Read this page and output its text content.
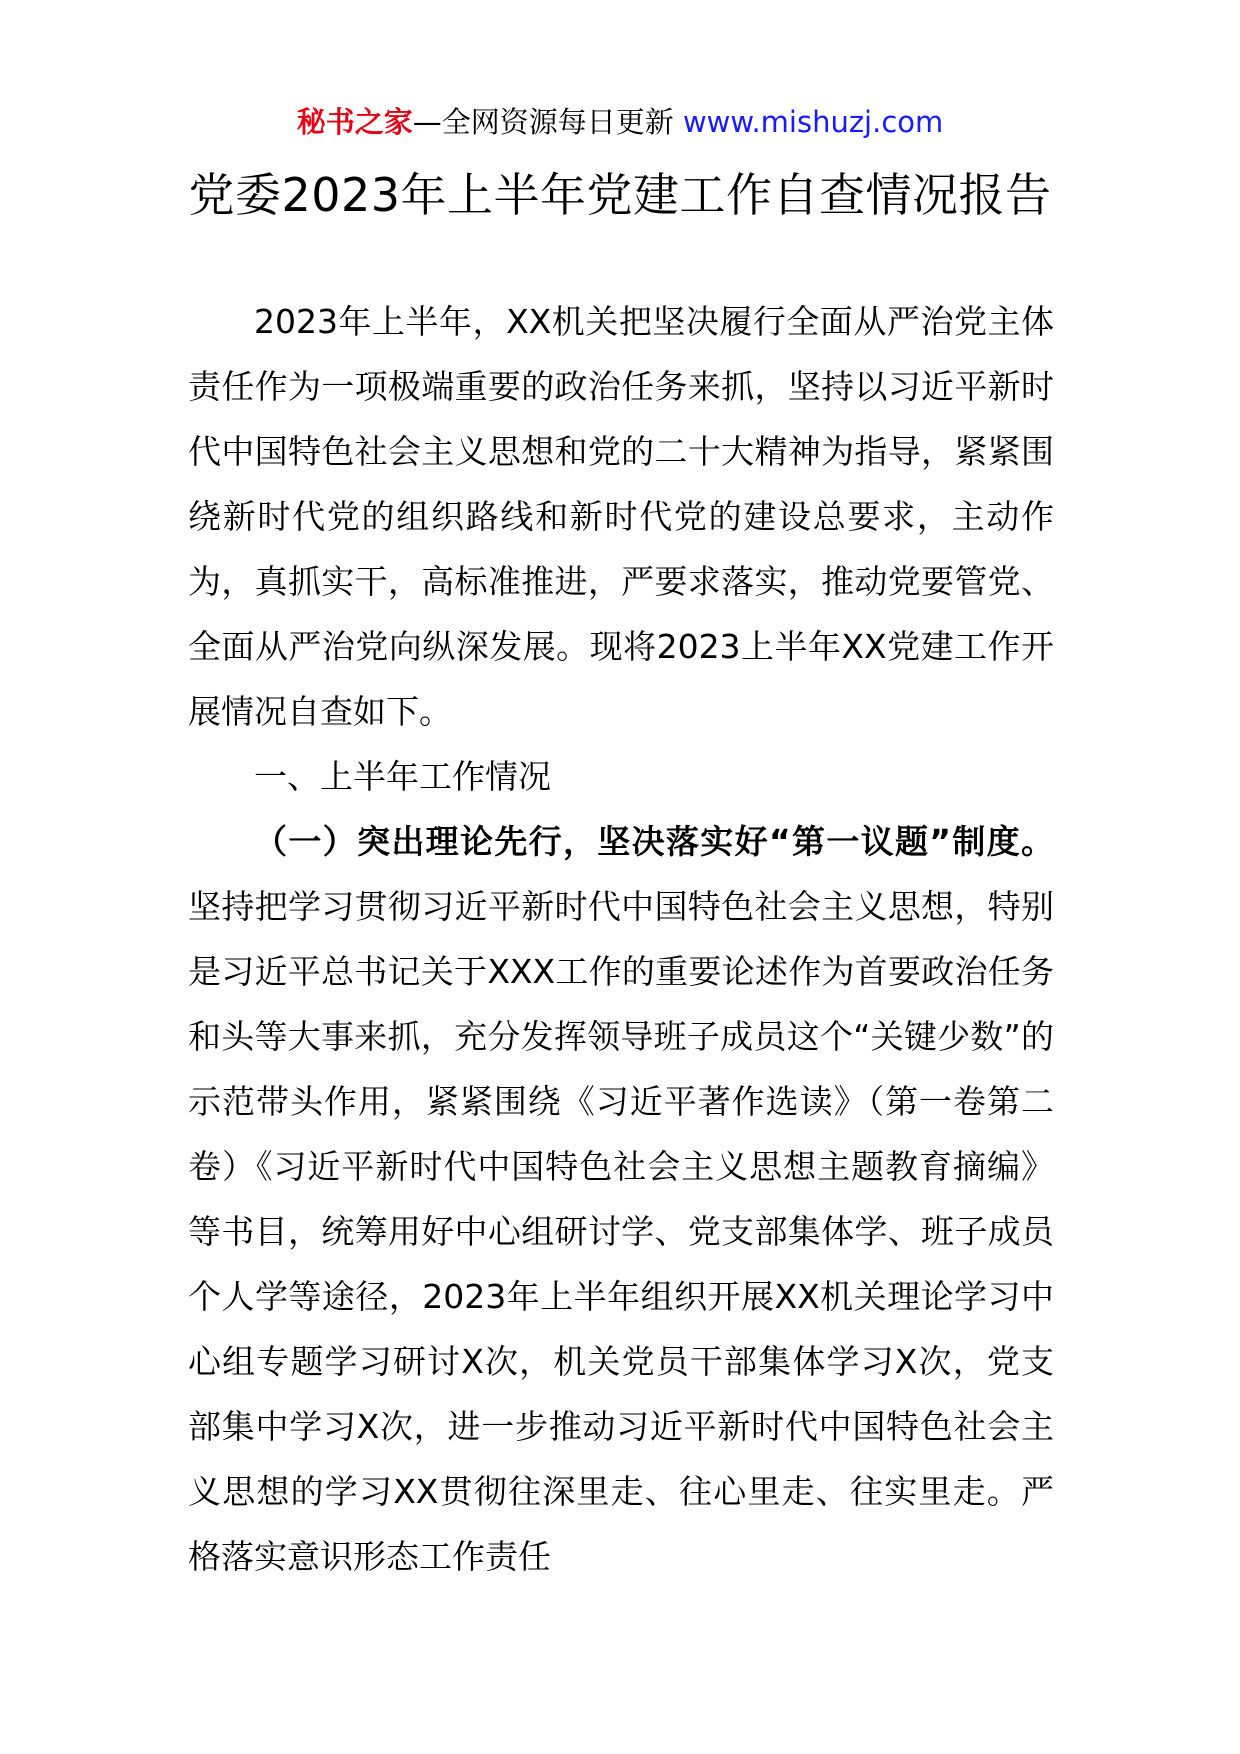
秘书之家—全网资源每日更新 www.mishuzj.com
党委2023年上半年党建工作自查情况报告

2023年上半年，XX机关把坚决履行全面从严治党主体责任作为一项极端重要的政治任务来抓，坚持以习近平新时代中国特色社会主义思想和党的二十大精神为指导，紧紧围绕新时代党的组织路线和新时代党的建设总要求，主动作为，真抓实干，高标准推进，严要求落实，推动党要管党、全面从严治党向纵深发展。现将2023上半年XX党建工作开展情况自查如下。

一、上半年工作情况

（一）突出理论先行，坚决落实好“第一议题”制度。坚持把学习贯彻习近平新时代中国特色社会主义思想，特别是习近平总书记关于XXX工作的重要论述作为首要政治任务和头等大事来抓，充分发挥领导班子成员这个“关键少数”的示范带头作用，紧紧围绕《习近平著作选读》（第一卷第二卷）《习近平新时代中国特色社会主义思想主题教育摘编》等书目，统筹用好中心组研讨学、党支部集体学、班子成员个人学等途径，2023年上半年组织开展XX机关理论学习中心组专题学习研讨X次，机关党员干部集体学习X次，党支部集中学习X次，进一步推动习近平新时代中国特色社会主义思想的学习XX贯彻往深里走、往心里走、往实里走。严格落实意识形态工作责任
